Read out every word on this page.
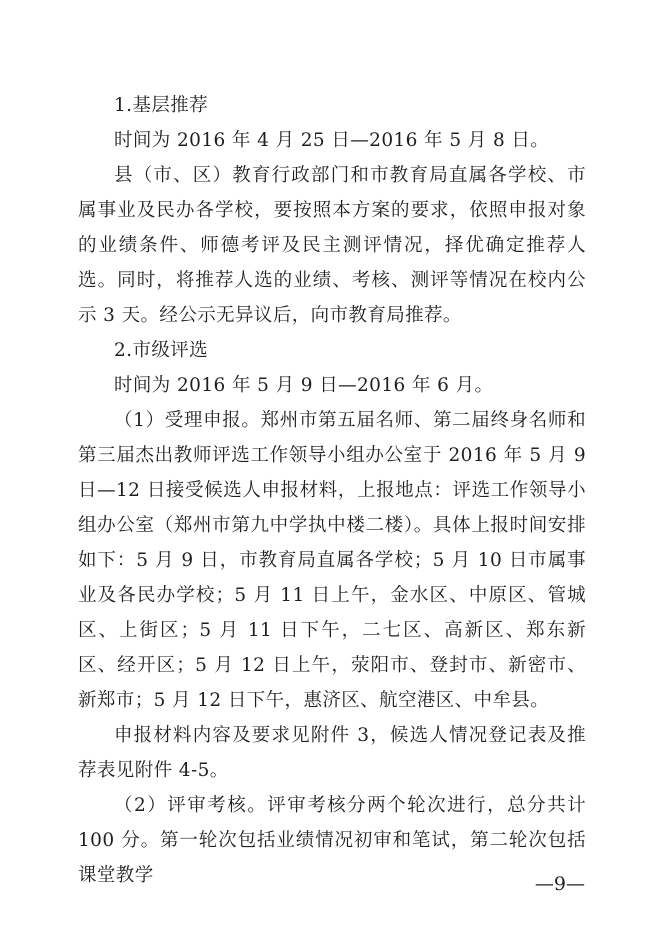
1.基层推荐

时间为 2016 年 4 月 25 日—2016 年 5 月 8 日。

县（市、区）教育行政部门和市教育局直属各学校、市属事业及民办各学校，要按照本方案的要求，依照申报对象的业绩条件、师德考评及民主测评情况，择优确定推荐人选。同时，将推荐人选的业绩、考核、测评等情况在校内公示 3 天。经公示无异议后，向市教育局推荐。

2.市级评选

时间为 2016 年 5 月 9 日—2016 年 6 月。

（1）受理申报。郑州市第五届名师、第二届终身名师和第三届杰出教师评选工作领导小组办公室于 2016 年 5 月 9 日—12 日接受候选人申报材料，上报地点：评选工作领导小组办公室（郑州市第九中学执中楼二楼）。具体上报时间安排如下：5 月 9 日，市教育局直属各学校；5 月 10 日市属事业及各民办学校；5 月 11 日上午，金水区、中原区、管城区、上街区；5 月 11 日下午，二七区、高新区、郑东新区、经开区；5 月 12 日上午，荥阳市、登封市、新密市、新郑市；5 月 12 日下午，惠济区、航空港区、中牟县。

申报材料内容及要求见附件 3，候选人情况登记表及推荐表见附件 4-5。

（2）评审考核。评审考核分两个轮次进行，总分共计 100 分。第一轮次包括业绩情况初审和笔试，第二轮次包括课堂教学	—9—
